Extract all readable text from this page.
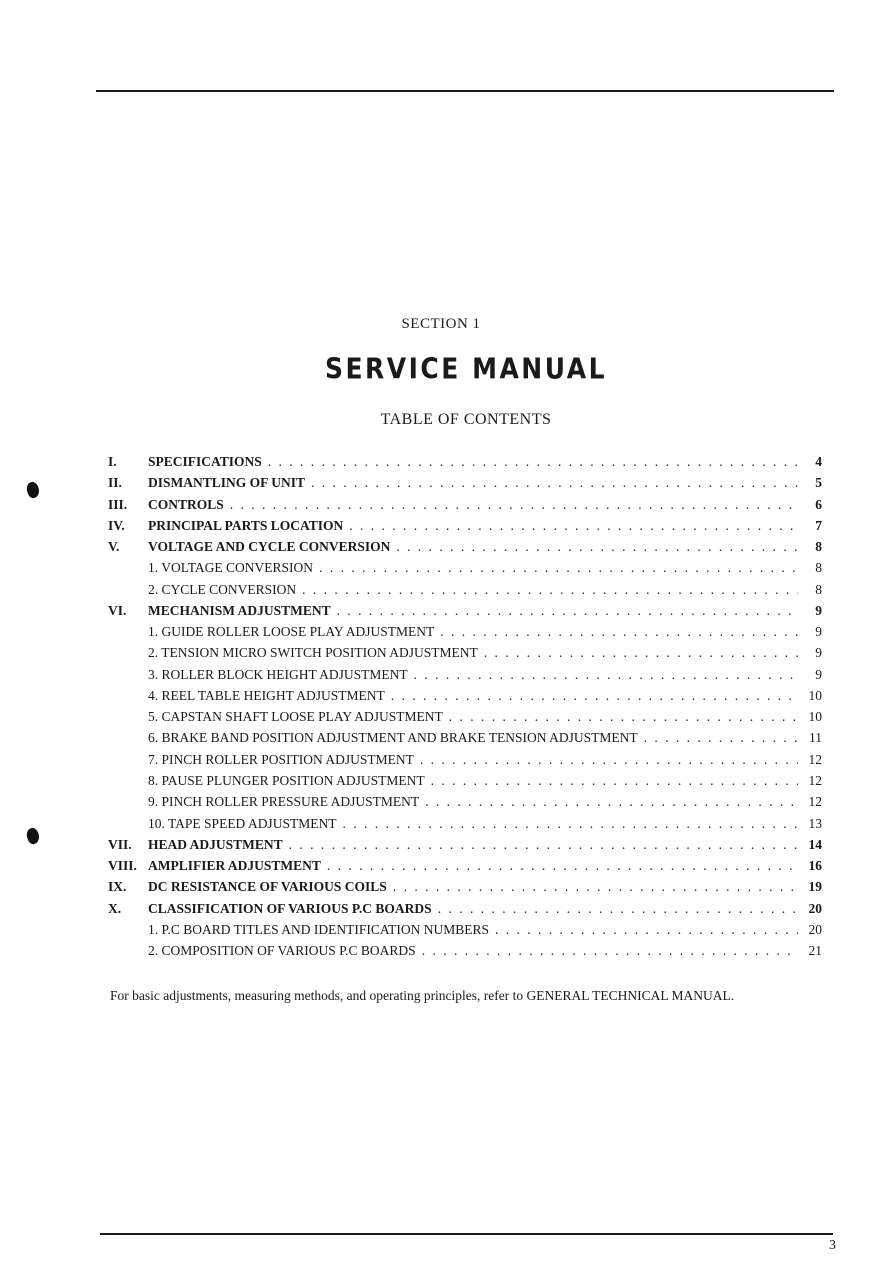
SECTION 1
SERVICE MANUAL
TABLE OF CONTENTS
I.	SPECIFICATIONS . . .	4
II.	DISMANTLING OF UNIT . . .	5
III.	CONTROLS . . .	6
IV.	PRINCIPAL PARTS LOCATION . . .	7
V.	VOLTAGE AND CYCLE CONVERSION . . .	8
1. VOLTAGE CONVERSION . . .	8
2. CYCLE CONVERSION . . .	8
VI.	MECHANISM ADJUSTMENT . . .	9
1. GUIDE ROLLER LOOSE PLAY ADJUSTMENT . . .	9
2. TENSION MICRO SWITCH POSITION ADJUSTMENT . . .	9
3. ROLLER BLOCK HEIGHT ADJUSTMENT . . .	9
4. REEL TABLE HEIGHT ADJUSTMENT . . .	10
5. CAPSTAN SHAFT LOOSE PLAY ADJUSTMENT . . .	10
6. BRAKE BAND POSITION ADJUSTMENT AND BRAKE TENSION ADJUSTMENT . . .	11
7. PINCH ROLLER POSITION ADJUSTMENT . . .	12
8. PAUSE PLUNGER POSITION ADJUSTMENT . . .	12
9. PINCH ROLLER PRESSURE ADJUSTMENT . . .	12
10. TAPE SPEED ADJUSTMENT . . .	13
VII.	HEAD ADJUSTMENT . . .	14
VIII. AMPLIFIER ADJUSTMENT . . .	16
IX.	DC RESISTANCE OF VARIOUS COILS . . .	19
X.	CLASSIFICATION OF VARIOUS P.C BOARDS . . .	20
1. P.C BOARD TITLES AND IDENTIFICATION NUMBERS . . .	20
2. COMPOSITION OF VARIOUS P.C BOARDS . . .	21
For basic adjustments, measuring methods, and operating principles, refer to GENERAL TECHNICAL MANUAL.
3
